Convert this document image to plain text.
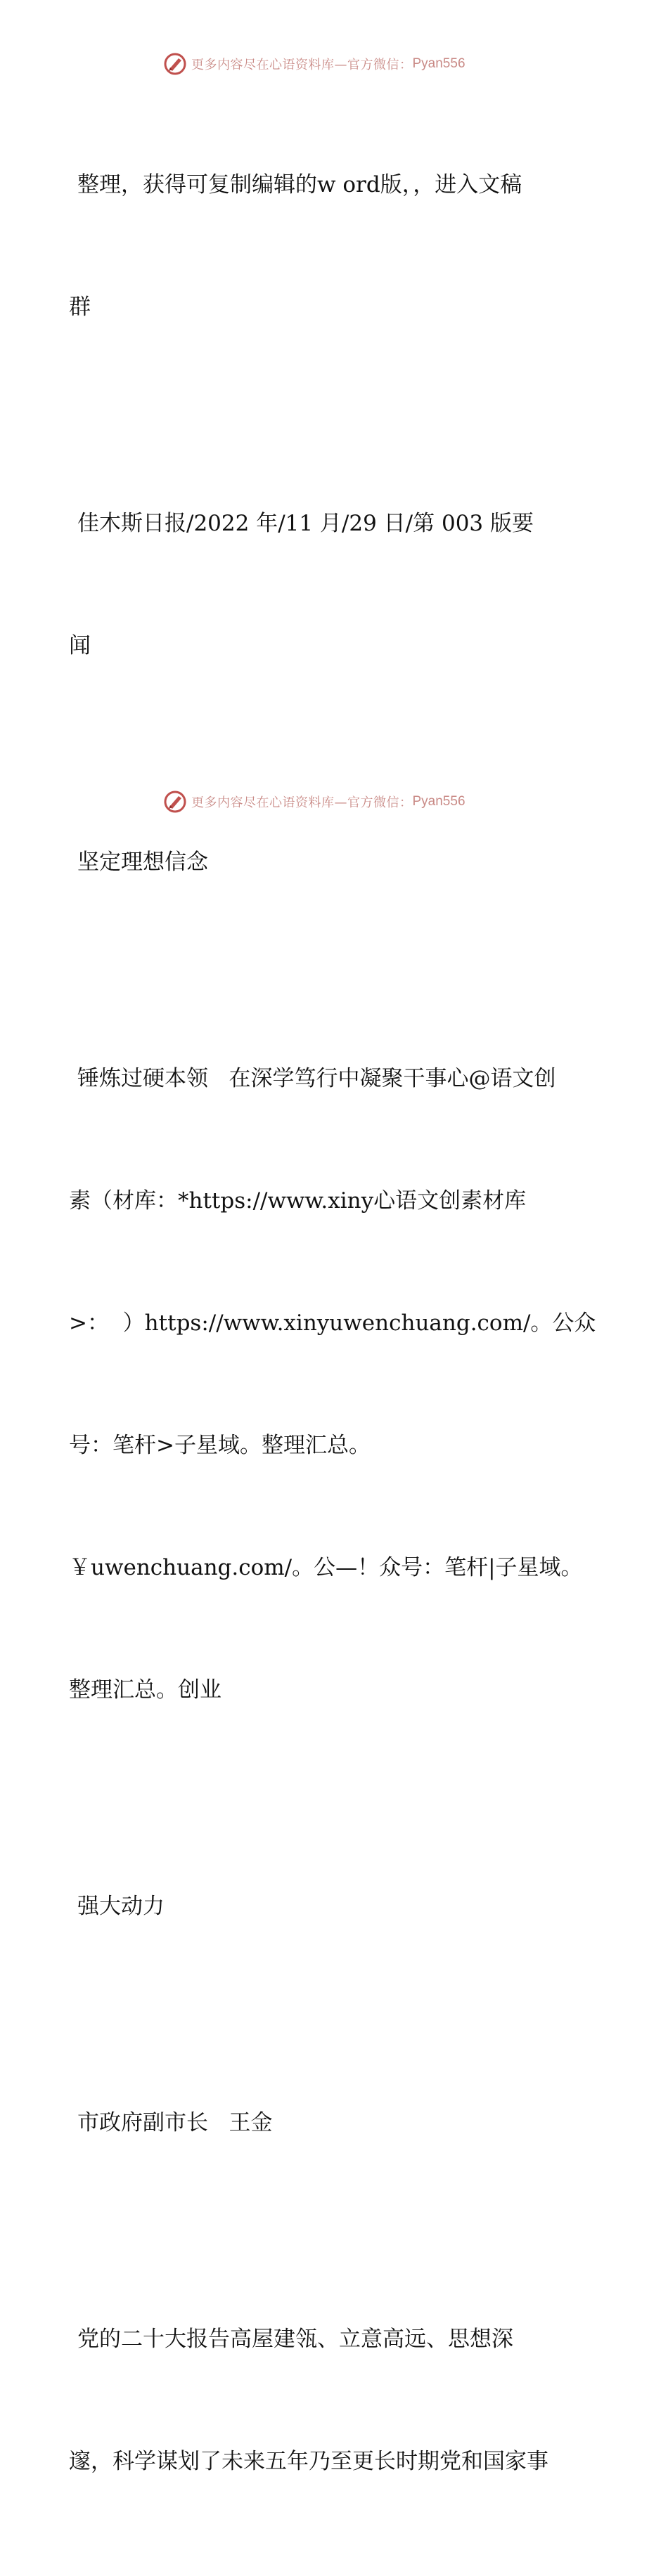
更多内容尽在心语资料库—官方微信： Pyan556

整理，获得可复制编辑的w ord版，，进入文稿

群

佳木斯日报/2022 年/11 月/29 日/第 003 版要

闻

坚定理想信念

锤炼过硬本领   在深学笃行中凝聚干事心@语文创

素（材库：*https://www.xiny心语文创素材库

>：  ）https://www.xinyuwenchuang.com/。公众

号：笔杆>子星域。整理汇总。

￥uwenchuang.com/。公—！众号：笔杆|子星域。

整理汇总。创业

强大动力

市政府副市长   王金

党的二十大报告高屋建瓴、立意高远、思想深

邃，科学谋划了未来五年乃至更长时期党和国家事

更多内容尽在心语资料库—官方微信： Pyan556
